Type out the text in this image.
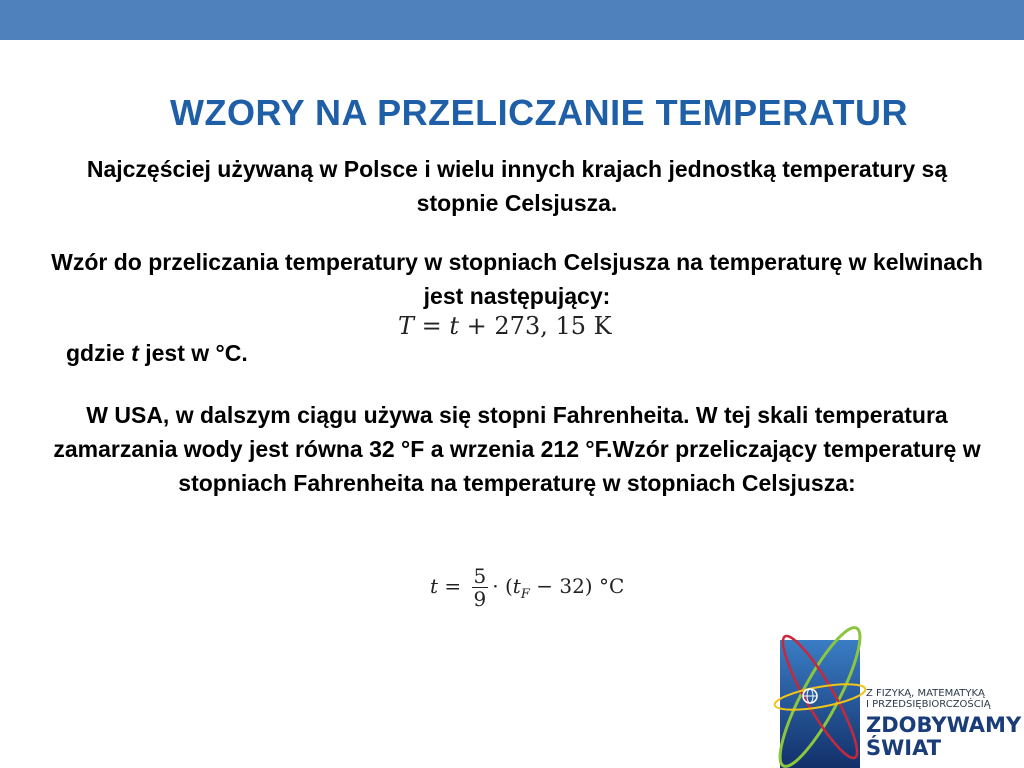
WZORY NA PRZELICZANIE TEMPERATUR

Najczęściej używaną w Polsce i wielu innych krajach jednostką temperatury są stopnie Celsjusza.

Wzór do przeliczania temperatury w stopniach Celsjusza na temperaturę w kelwinach jest następujący:

T = t + 273, 15 K
gdzie t jest w °C.

W USA, w dalszym ciągu używa się stopni Fahrenheita. W tej skali temperatura zamarzania wody jest równa 32 °F a wrzenia 212 °F.Wzór przeliczający temperaturę w stopniach Fahrenheita na temperaturę w stopniach Celsjusza:

$t = \frac{5}{9} \cdot (t_F - 32)$ °C
Z FIZYKĄ, MATEMATYKĄ
I PRZEDSIĘBIORCZOŚCIĄ
ZDOBYWAMY
ŚWIAT
